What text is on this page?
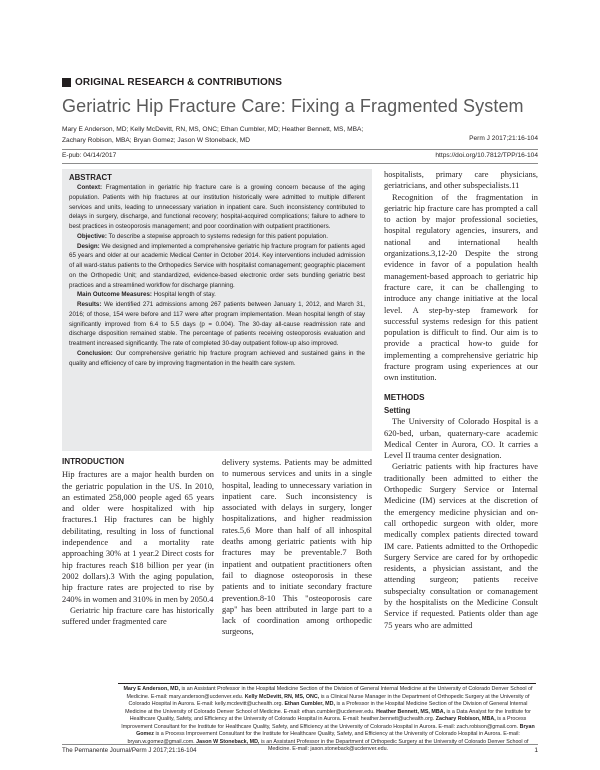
ORIGINAL RESEARCH & CONTRIBUTIONS
Geriatric Hip Fracture Care: Fixing a Fragmented System
Mary E Anderson, MD; Kelly McDevitt, RN, MS, ONC; Ethan Cumbler, MD; Heather Bennett, MS, MBA;
Zachary Robison, MBA; Bryan Gomez; Jason W Stoneback, MD	Perm J 2017;21:16-104
E-pub: 04/14/2017	https://doi.org/10.7812/TPP/16-104
ABSTRACT

Context: Fragmentation in geriatric hip fracture care is a growing concern because of the aging population. Patients with hip fractures at our institution historically were admitted to multiple different services and units, leading to unnecessary variation in inpatient care. Such inconsistency contributed to delays in surgery, discharge, and functional recovery; hospital-acquired complications; failure to adhere to best practices in osteoporosis management; and poor coordination with outpatient practitioners.

Objective: To describe a stepwise approach to systems redesign for this patient population.

Design: We designed and implemented a comprehensive geriatric hip fracture program for patients aged 65 years and older at our academic Medical Center in October 2014. Key interventions included admission of all ward-status patients to the Orthopedics Service with hospitalist comanagement; geographic placement on the Orthopedic Unit; and standardized, evidence-based electronic order sets bundling geriatric best practices and a streamlined workflow for discharge planning.

Main Outcome Measures: Hospital length of stay.

Results: We identified 271 admissions among 267 patients between January 1, 2012, and March 31, 2016; of those, 154 were before and 117 were after program implementation. Mean hospital length of stay significantly improved from 6.4 to 5.5 days (p = 0.004). The 30-day all-cause readmission rate and discharge disposition remained stable. The percentage of patients receiving osteoporosis evaluation and treatment increased significantly. The rate of completed 30-day outpatient follow-up also improved.

Conclusion: Our comprehensive geriatric hip fracture program achieved and sustained gains in the quality and efficiency of care by improving fragmentation in the health care system.

INTRODUCTION

Hip fractures are a major health burden on the geriatric population in the US. In 2010, an estimated 258,000 people aged 65 years and older were hospitalized with hip fractures.1 Hip fractures can be highly debilitating, resulting in loss of functional independence and a mortality rate approaching 30% at 1 year.2 Direct costs for hip fractures reach $18 billion per year (in 2002 dollars).3 With the aging population, hip fracture rates are projected to rise by 240% in women and 310% in men by 2050.4

Geriatric hip fracture care has historically suffered under fragmented care

delivery systems. Patients may be admitted to numerous services and units in a single hospital, leading to unnecessary variation in inpatient care. Such inconsistency is associated with delays in surgery, longer hospitalizations, and higher readmission rates.5,6 More than half of all inhospital deaths among geriatric patients with hip fractures may be preventable.7 Both inpatient and outpatient practitioners often fail to diagnose osteoporosis in these patients and to initiate secondary fracture prevention.8-10 This "osteoporosis care gap" has been attributed in large part to a lack of coordination among orthopedic surgeons,

hospitalists, primary care physicians, geriatricians, and other subspecialists.11

Recognition of the fragmentation in geriatric hip fracture care has prompted a call to action by major professional societies, hospital regulatory agencies, insurers, and national and international health organizations.3,12-20 Despite the strong evidence in favor of a population health management-based approach to geriatric hip fracture care, it can be challenging to introduce any change initiative at the local level. A step-by-step framework for successful systems redesign for this patient population is difficult to find. Our aim is to provide a practical how-to guide for implementing a comprehensive geriatric hip fracture program using experiences at our own institution.

METHODS
Setting

The University of Colorado Hospital is a 620-bed, urban, quaternary-care academic Medical Center in Aurora, CO. It carries a Level II trauma center designation.

Geriatric patients with hip fractures have traditionally been admitted to either the Orthopedic Surgery Service or Internal Medicine (IM) services at the discretion of the emergency medicine physician and on-call orthopedic surgeon with older, more medically complex patients directed toward IM care. Patients admitted to the Orthopedic Surgery Service are cared for by orthopedic residents, a physician assistant, and the attending surgeon; patients receive subspecialty consultation or comanagement by the hospitalists on the Medicine Consult Service if requested. Patients older than age 75 years who are admitted

Mary E Anderson, MD, is an Assistant Professor in the Hospital Medicine Section of the Division of General Internal Medicine at the University of Colorado Denver School of Medicine. E-mail: mary.anderson@ucdenver.edu. Kelly McDevitt, RN, MS, ONC, is a Clinical Nurse Manager in the Department of Orthopedic Surgery at the University of Colorado Hospital in Aurora. E-mail: kelly.mcdevitt@uchealth.org. Ethan Cumbler, MD, is a Professor in the Hospital Medicine Section of the Division of General Internal Medicine at the University of Colorado Denver School of Medicine. E-mail: ethan.cumbler@ucdenver.edu. Heather Bennett, MS, MBA, is a Data Analyst for the Institute for Healthcare Quality, Safety, and Efficiency at the University of Colorado Hospital in Aurora. E-mail: heather.bennett@uchealth.org. Zachary Robison, MBA, is a Process Improvement Consultant for the Institute for Healthcare Quality, Safety, and Efficiency at the University of Colorado Hospital in Aurora. E-mail: zach.robison@gmail.com. Bryan Gomez is a Process Improvement Consultant for the Institute for Healthcare Quality, Safety, and Efficiency at the University of Colorado Hospital in Aurora. E-mail: bryan.w.gomez@gmail.com. Jason W Stoneback, MD, is an Assistant Professor in the Department of Orthopedic Surgery at the University of Colorado Denver School of Medicine. E-mail: jason.stoneback@ucdenver.edu.
The Permanente Journal/Perm J 2017;21:16-104	1
